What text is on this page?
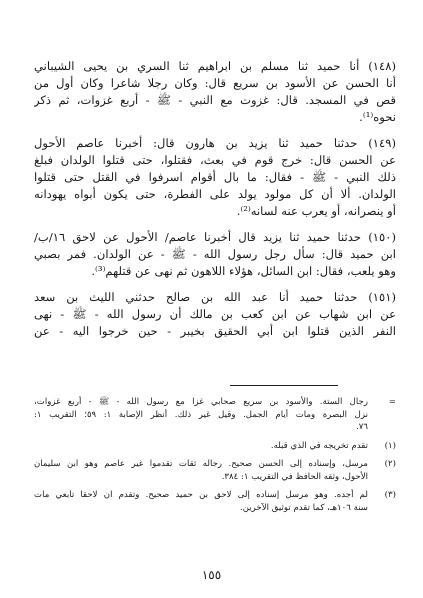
(١٤٨) أنا حميد ثنا مسلم بن ابراهيم ثنا السري بن يحيى الشيباني
أنا الحسن عن الأسود بن سريع قال: وكان رجلا شاعرا وكان أول من
قص في المسجد. قال: غزوت مع النبي - ﷺ - أربع غزوات، ثم ذكر
نحوه⁽¹⁾.
(١٤٩) حدثنا حميد ثنا يزيد بن هارون قال: أخبرنا عاصم الأحول
عن الحسن قال: خرج قوم في بعث، فقتلوا، حتى قتلوا الولدان فبلغ
ذلك النبي - ﷺ - فقال: ما بال أقوام اسرفوا في القتل حتى قتلوا
الولدان. ألا أن كل مولود يولد على الفطرة، حتى يكون أبواه يهودانه
أو ينصرانه، أو يعرب عنه لسانه⁽²⁾.
(١٥٠) حدثنا حميد ثنا يزيد قال أخبرنا عاصم/ الأحول عن لاحق ١٦/ب/
ابن حميد قال: سأل رجل رسول الله - ﷺ - عن الولدان. فمر بصبي
وهو يلعب، فقال: ابن السائل، هؤلاء اللاهون ثم نهى عن قتلهم⁽³⁾.
(١٥١) حدثنا حميد أنا عبد الله بن صالح حدثني الليث بن سعد
عن ابن شهاب عن ابن كعب بن مالك أن رسول الله - ﷺ - نهى
النفر الذين قتلوا ابن أبي الحقيق بخيبر - حين خرجوا اليه - عن
=
رجال الستة. والأسود بن سريع صحابي غزا مع رسول الله - ﷺ - أربع غزوات،
نزل البصرة ومات أيام الجمل. وقيل غير ذلك. أنظر الإصابة ١: ٥٩؛ التقريب ١:
٧٦.
(١)
تقدم تخريجه في الذي قبله.
(٢)
مرسل، وإسناده إلى الحسن صحيح. رجاله ثقات تقدموا غير عاصم وهو ابن سليمان
الأحول، وثقه الحافظ في التقريب ١: ٣٨٤.
(٣)
لم أجده. وهو مرسل إسناده إلى لاحق بن حميد صحيح. وتقدم ان لاحقا تابعي مات
سنة ١٠٦هـ، كما تقدم توثيق الآخرين.
١٥٥
